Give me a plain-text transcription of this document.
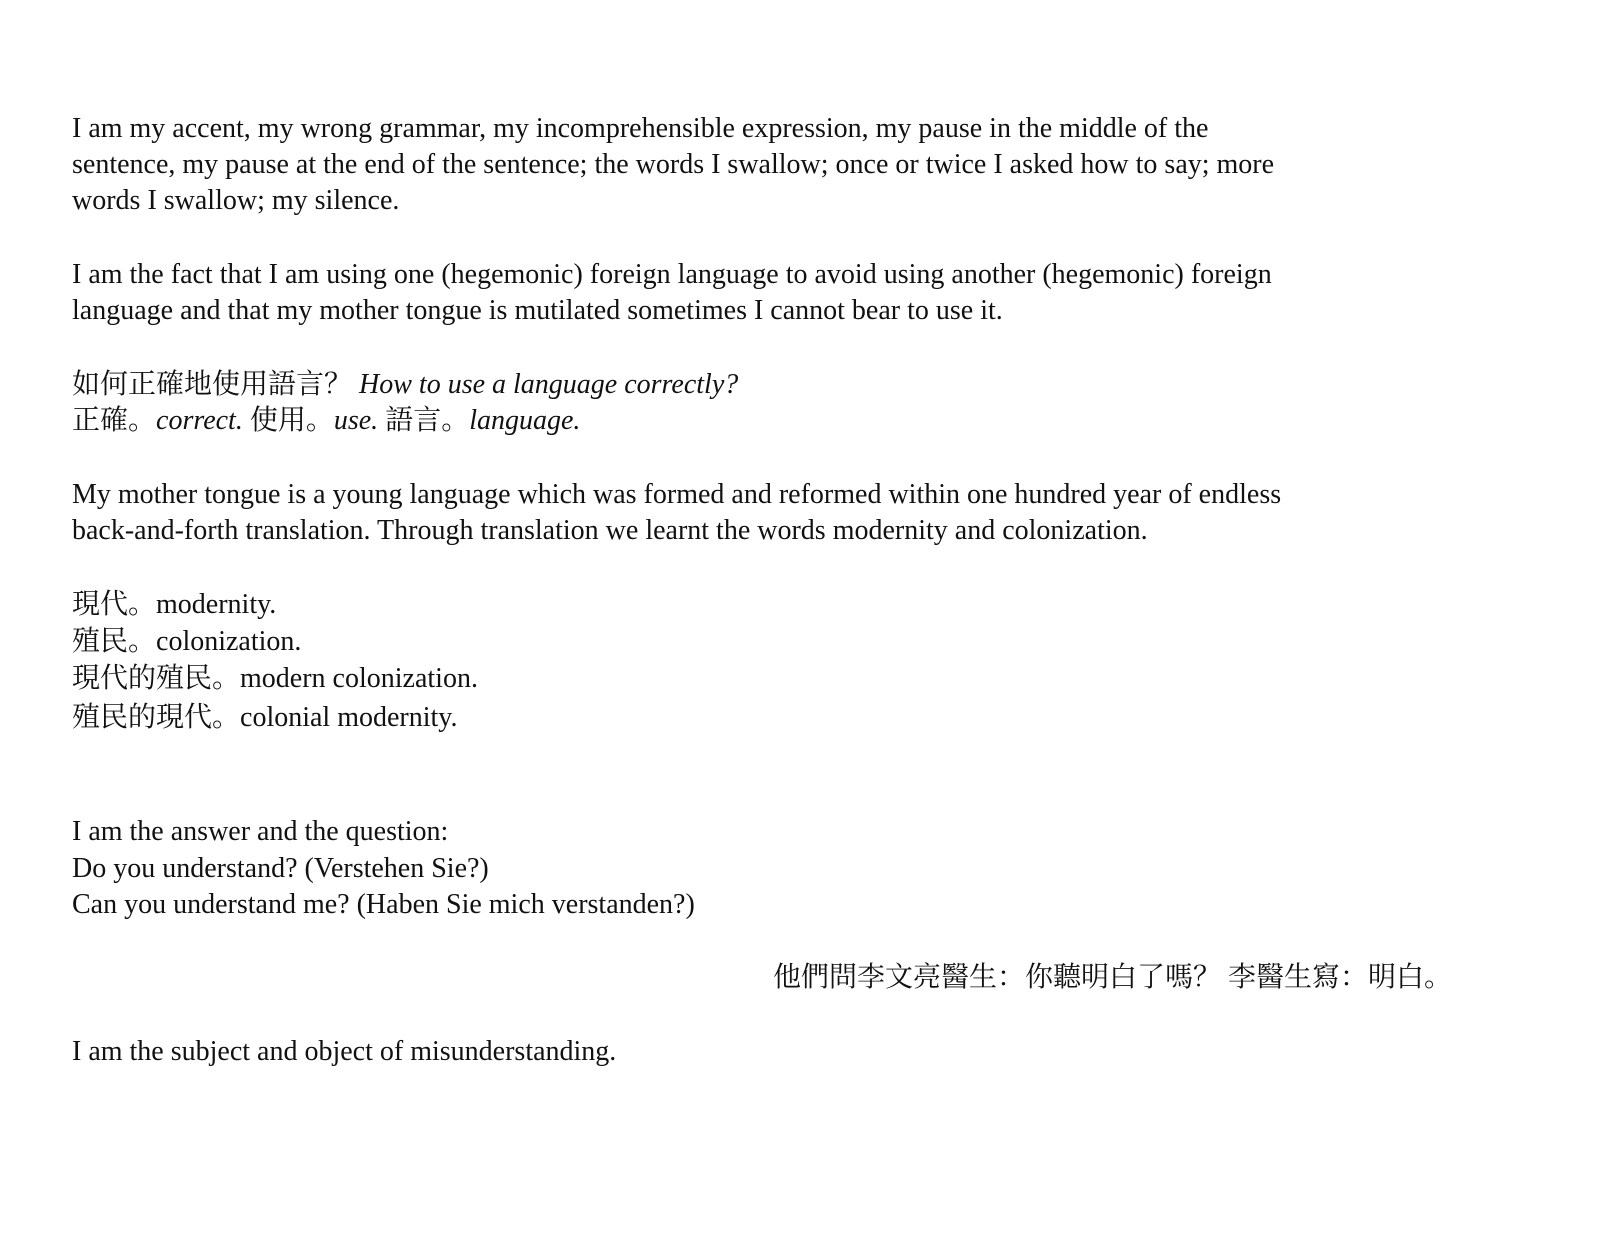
I am my accent, my wrong grammar, my incomprehensible expression, my pause in the middle of the
sentence, my pause at the end of the sentence; the words I swallow; once or twice I asked how to say; more
words I swallow; my silence.
I am the fact that I am using one (hegemonic) foreign language to avoid using another (hegemonic) foreign
language and that my mother tongue is mutilated sometimes I cannot bear to use it.
如何正確地使用語言？ How to use a language correctly?
正確。correct. 使用。use. 語言。language.
My mother tongue is a young language which was formed and reformed within one hundred year of endless
back-and-forth translation. Through translation we learnt the words modernity and colonization.
現代。modernity.
殖民。colonization.
現代的殖民。modern colonization.
殖民的現代。colonial modernity.
I am the answer and the question:
Do you understand? (Verstehen Sie?)
Can you understand me? (Haben Sie mich verstanden?)
他們問李文亮醫生：你聽明白了嗎？ 李醫生寫：明白。
I am the subject and object of misunderstanding.
